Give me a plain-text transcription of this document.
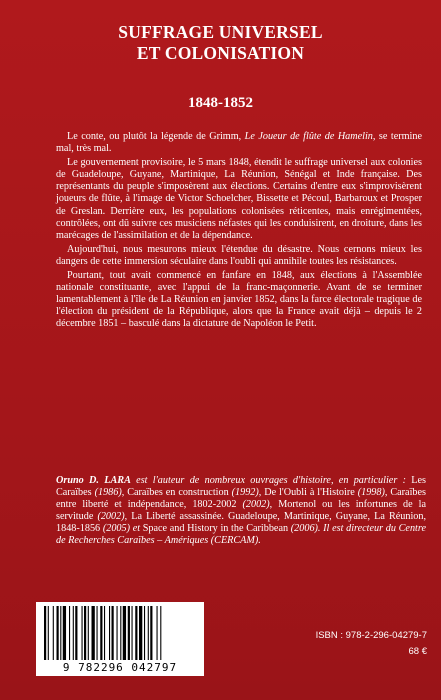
SUFFRAGE UNIVERSEL
ET COLONISATION
1848-1852

Le conte, ou plutôt la légende de Grimm, Le Joueur de flûte de Hamelin, se termine mal, très mal.

Le gouvernement provisoire, le 5 mars 1848, étendit le suffrage universel aux colonies de Guadeloupe, Guyane, Martinique, La Réunion, Sénégal et Inde française. Des représentants du peuple s'imposèrent aux élections. Certains d'entre eux s'improvisèrent joueurs de flûte, à l'image de Victor Schoelcher, Bissette et Pécoul, Barbaroux et Prosper de Greslan. Derrière eux, les populations colonisées réticentes, mais enrégimentées, contrôlées, ont dû suivre ces musiciens néfastes qui les conduisirent, en droiture, dans les marécages de l'assimilation et de la dépendance.

Aujourd'hui, nous mesurons mieux l'étendue du désastre. Nous cernons mieux les dangers de cette immersion séculaire dans l'oubli qui annihile toutes les résistances.

Pourtant, tout avait commencé en fanfare en 1848, aux élections à l'Assemblée nationale constituante, avec l'appui de la franc-maçonnerie. Avant de se terminer lamentablement à l'île de La Réunion en janvier 1852, dans la farce électorale tragique de l'élection du président de la République, alors que la France avait déjà – depuis le 2 décembre 1851 – basculé dans la dictature de Napoléon le Petit.

Oruno D. LARA est l'auteur de nombreux ouvrages d'histoire, en particulier : Les Caraïbes (1986), Caraïbes en construction (1992), De l'Oubli à l'Histoire (1998), Caraïbes entre liberté et indépendance, 1802-2002 (2002), Mortenol ou les infortunes de la servitude (2002), La Liberté assassinée. Guadeloupe, Martinique, Guyane, La Réunion, 1848-1856 (2005) et Space and History in the Caribbean (2006). Il est directeur du Centre de Recherches Caraïbes – Amériques (CERCAM).
9 782296 042797
ISBN : 978-2-296-04279-7
68 €
